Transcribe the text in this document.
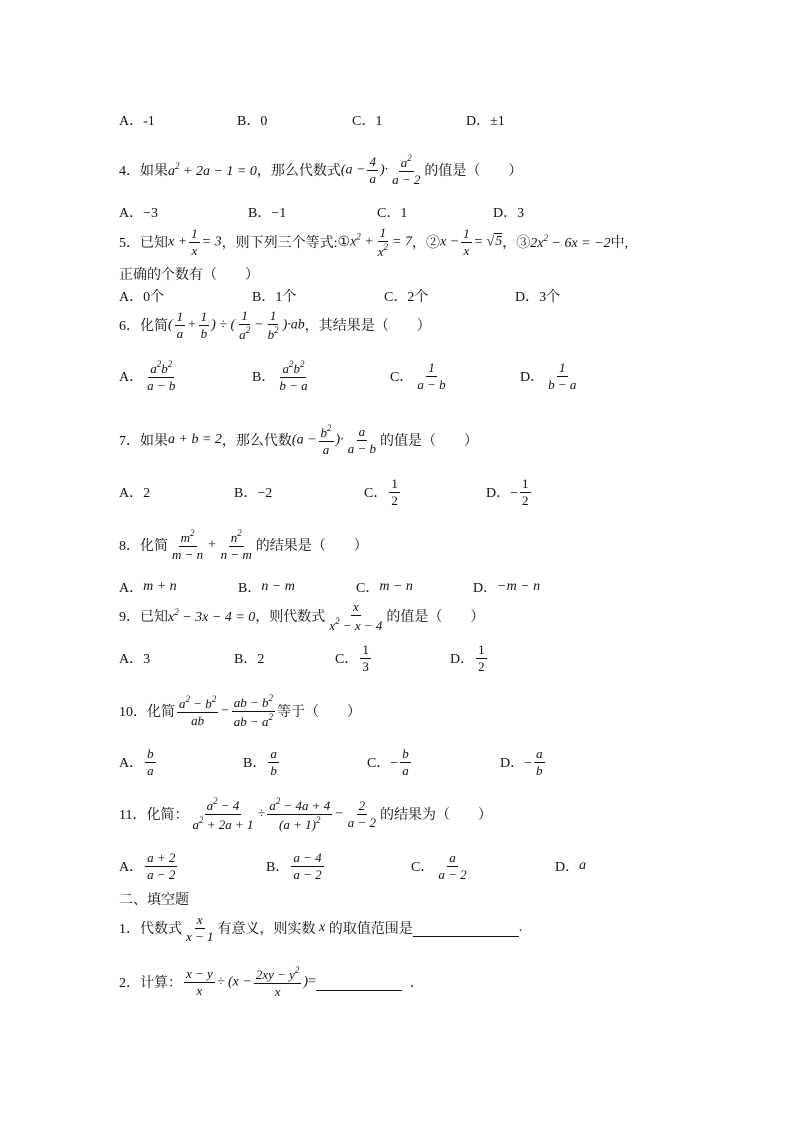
A．-1	B．0	C．1	D．±1
4． 如果 $a^2 + 2a - 1 = 0$ ，那么代数式 ($a - \frac{4}{a}$ )· $\frac{a^2}{a - 2}$ 的值是（　　）
A．−3	B．−1	C．1	D．3
5． 已知 $x + \frac{1}{x} = 3$ ，则下列三个等式: ① $x^2 + \frac{1}{x^2} = 7$ ，② $x - \frac{1}{x} = √5$ ，③ $2x^2 - 6x = -2$ 中,
正确的个数有（　　）
A．0个	B．1个	C．2个	D．3个
6． 化简 ( $\frac{1}{a} + \frac{1}{b}$ ) ÷ ( $\frac{1}{a^2} - \frac{1}{b^2} )\cdot ab$ ，其结果是（　　）
A． $\frac{a^2b^2}{a - b}$	B． $\frac{a^2b^2}{b - a}$	C． $\frac{1}{a - b}$	D． $\frac{1}{b - a}$
7． 如果 a + b = 2 ，那么代数 ($a - \frac{b^2}{a}$ )· $\frac{a}{a - b}$ 的值是（　　）
A．2	B．−2	C． $\frac{1}{2}$	D．− $\frac{1}{2}$
8． 化简 $\frac{m^2}{m - n} + \frac{n^2}{n - m}$ 的结果是（　　）
A． m + n	B． n − m	C． m − n	D． −m − n
9． 已知 $x^2 - 3x - 4 = 0$ ，则代数式 $\frac{x}{x^2 - x - 4}$ 的值是（　　）
A．3	B．2	C． $\frac{1}{3}$	D． $\frac{1}{2}$
10． 化简 $\frac{a^2 - b^2}{ab} - \frac{ab - b^2}{ab - a^2}$ 等于（　　）
A． $\frac{b}{a}$	B． $\frac{a}{b}$	C．− $\frac{b}{a}$	D．− $\frac{a}{b}$
11． 化简： $\frac{a^2 - 4}{a^2 + 2a + 1} \div \frac{a^2 - 4a + 4}{(a + 1)^2} - \frac{2}{a - 2}$ 的结果为（　　）
A． $\frac{a + 2}{a - 2}$	B． $\frac{a - 4}{a - 2}$	C． $\frac{a}{a - 2}$	D． a
二、填空题
1． 代数式 $\frac{x}{x - 1}$ 有意义，则实数 x 的取值范围是	.
2． 计算： $\frac{x - y}{x} \div (x - \frac{2xy - y^2}{x}$ ) =	．
